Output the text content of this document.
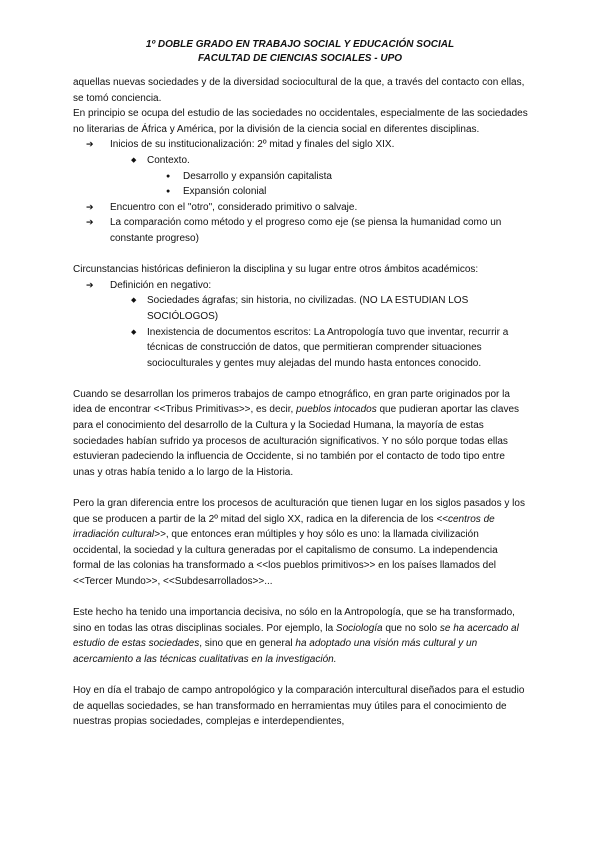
1º DOBLE GRADO EN TRABAJO SOCIAL Y EDUCACIÓN SOCIAL
FACULTAD DE CIENCIAS SOCIALES - UPO

aquellas nuevas sociedades y de la diversidad sociocultural de la que, a través del contacto con ellas, se tomó conciencia.

En principio se ocupa del estudio de las sociedades no occidentales, especialmente de las sociedades no literarias de África y América, por la división de la ciencia social en diferentes disciplinas.

➔ Inicios de su institucionalización: 2º mitad y finales del siglo XIX.
◆ Contexto.
● Desarrollo y expansión capitalista
● Expansión colonial
➔ Encuentro con el "otro", considerado primitivo o salvaje.
➔ La comparación como método y el progreso como eje (se piensa la humanidad como un constante progreso)

Circunstancias históricas definieron la disciplina y su lugar entre otros ámbitos académicos:

➔ Definición en negativo:
◆ Sociedades ágrafas; sin historia, no civilizadas. (NO LA ESTUDIAN LOS SOCIÓLOGOS)
◆ Inexistencia de documentos escritos: La Antropología tuvo que inventar, recurrir a técnicas de construcción de datos, que permitieran comprender situaciones socioculturales y gentes muy alejadas del mundo hasta entonces conocido.

Cuando se desarrollan los primeros trabajos de campo etnográfico, en gran parte originados por la idea de encontrar <<Tribus Primitivas>>, es decir, pueblos intocados que pudieran aportar las claves para el conocimiento del desarrollo de la Cultura y la Sociedad Humana, la mayoría de estas sociedades habían sufrido ya procesos de aculturación significativos. Y no sólo porque todas ellas estuvieran padeciendo la influencia de Occidente, si no también por el contacto de todo tipo entre unas y otras había tenido a lo largo de la Historia.

Pero la gran diferencia entre los procesos de aculturación que tienen lugar en los siglos pasados y los que se producen a partir de la 2º mitad del siglo XX, radica en la diferencia de los <<centros de irradiación cultural>>, que entonces eran múltiples y hoy sólo es uno: la llamada civilización occidental, la sociedad y la cultura generadas por el capitalismo de consumo. La independencia formal de las colonias ha transformado a <<los pueblos primitivos>> en los países llamados del <<Tercer Mundo>>, <<Subdesarrollados>>...

Este hecho ha tenido una importancia decisiva, no sólo en la Antropología, que se ha transformado, sino en todas las otras disciplinas sociales. Por ejemplo, la Sociología que no solo se ha acercado al estudio de estas sociedades, sino que en general ha adoptado una visión más cultural y un acercamiento a las técnicas cualitativas en la investigación.

Hoy en día el trabajo de campo antropológico y la comparación intercultural diseñados para el estudio de aquellas sociedades, se han transformado en herramientas muy útiles para el conocimiento de nuestras propias sociedades, complejas e interdependientes,
